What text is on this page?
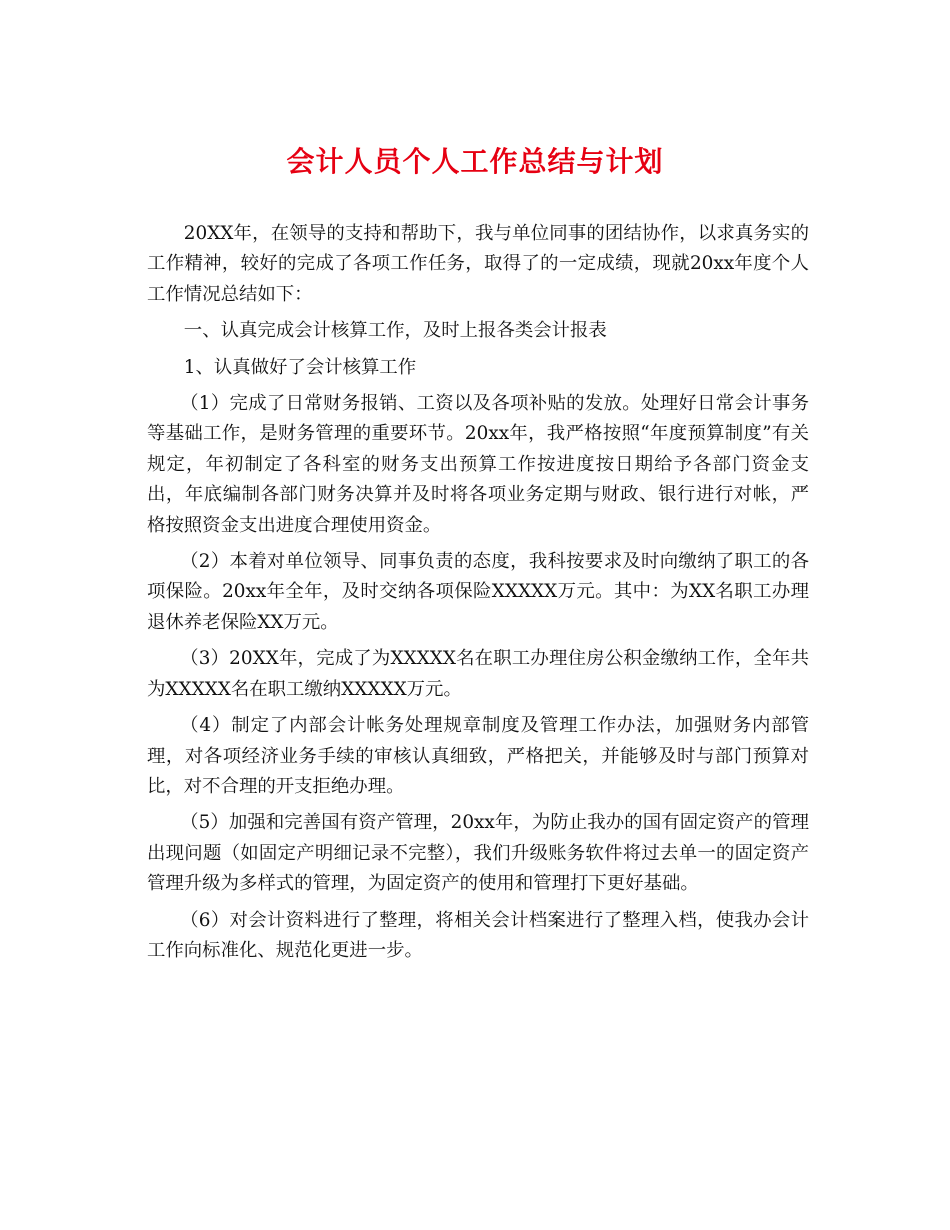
会计人员个人工作总结与计划

20XX年，在领导的支持和帮助下，我与单位同事的团结协作，以求真务实的工作精神，较好的完成了各项工作任务，取得了的一定成绩，现就20xx年度个人工作情况总结如下：

一、认真完成会计核算工作，及时上报各类会计报表

1、认真做好了会计核算工作

（1）完成了日常财务报销、工资以及各项补贴的发放。处理好日常会计事务等基础工作，是财务管理的重要环节。20xx年，我严格按照“年度预算制度”有关规定，年初制定了各科室的财务支出预算工作按进度按日期给予各部门资金支出，年底编制各部门财务决算并及时将各项业务定期与财政、银行进行对帐，严格按照资金支出进度合理使用资金。

（2）本着对单位领导、同事负责的态度，我科按要求及时向缴纳了职工的各项保险。20xx年全年，及时交纳各项保险XXXXX万元。其中：为XX名职工办理退休养老保险XX万元。

（3）20XX年，完成了为XXXXX名在职工办理住房公积金缴纳工作，全年共为XXXXX名在职工缴纳XXXXX万元。

（4）制定了内部会计帐务处理规章制度及管理工作办法，加强财务内部管理，对各项经济业务手续的审核认真细致，严格把关，并能够及时与部门预算对比，对不合理的开支拒绝办理。

（5）加强和完善国有资产管理，20xx年，为防止我办的国有固定资产的管理出现问题（如固定产明细记录不完整），我们升级账务软件将过去单一的固定资产管理升级为多样式的管理，为固定资产的使用和管理打下更好基础。

（6）对会计资料进行了整理，将相关会计档案进行了整理入档，使我办会计工作向标准化、规范化更进一步。
